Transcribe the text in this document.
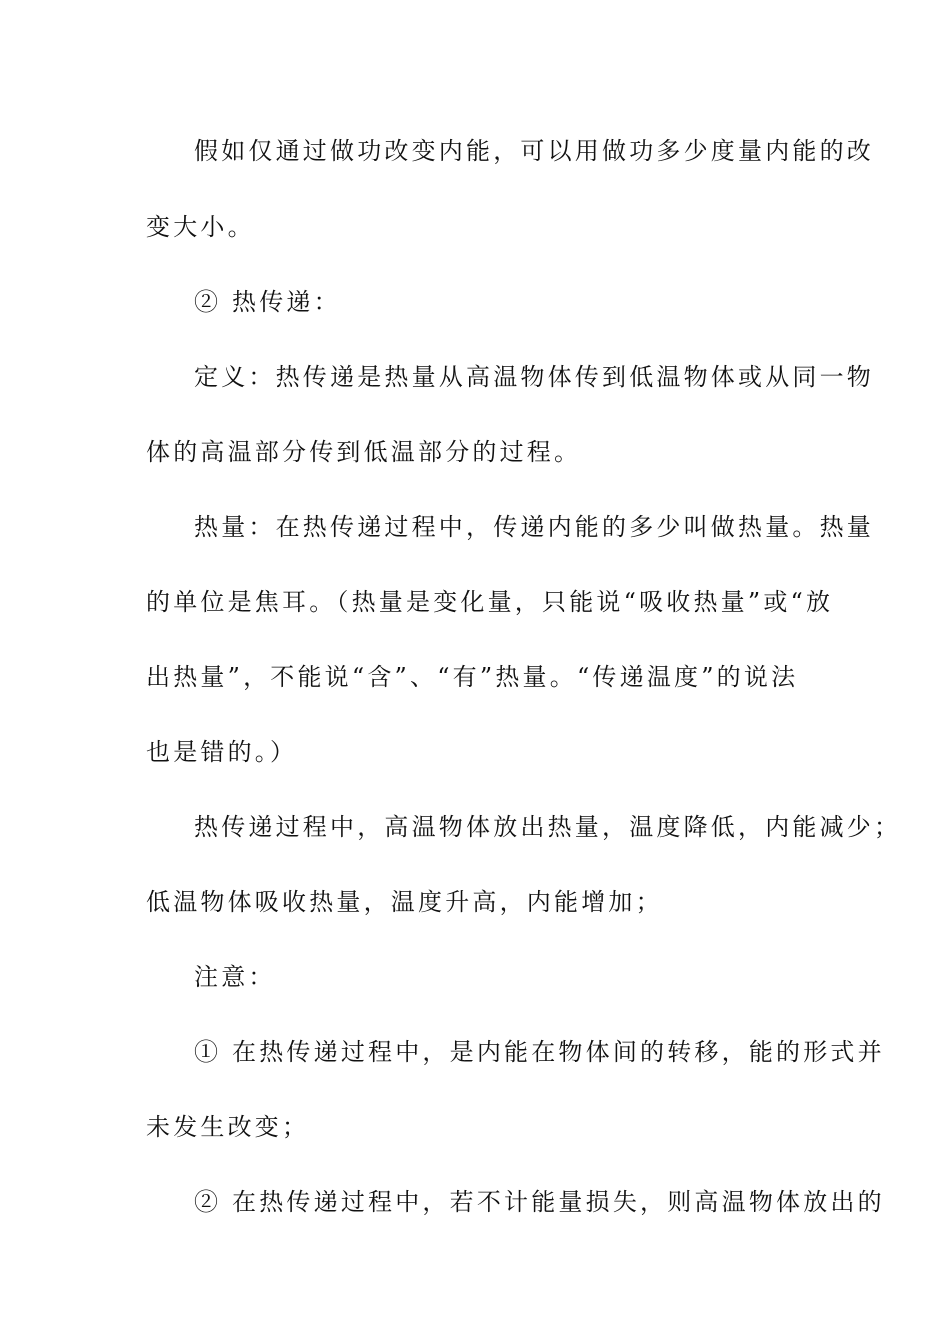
假如仅通过做功改变内能，可以用做功多少度量内能的改
变大小。
② 热传递：
定义：热传递是热量从高温物体传到低温物体或从同一物
体的高温部分传到低温部分的过程。
热量：在热传递过程中，传递内能的多少叫做热量。热量
的单位是焦耳。（热量是变化量，只能说“吸收热量”或“放
出热量”，不能说“含”、“有”热量。“传递温度”的说法
也是错的。）
热传递过程中，高温物体放出热量，温度降低，内能减少；
低温物体吸收热量，温度升高，内能增加；
注意：
① 在热传递过程中，是内能在物体间的转移，能的形式并
未发生改变；
② 在热传递过程中，若不计能量损失，则高温物体放出的
